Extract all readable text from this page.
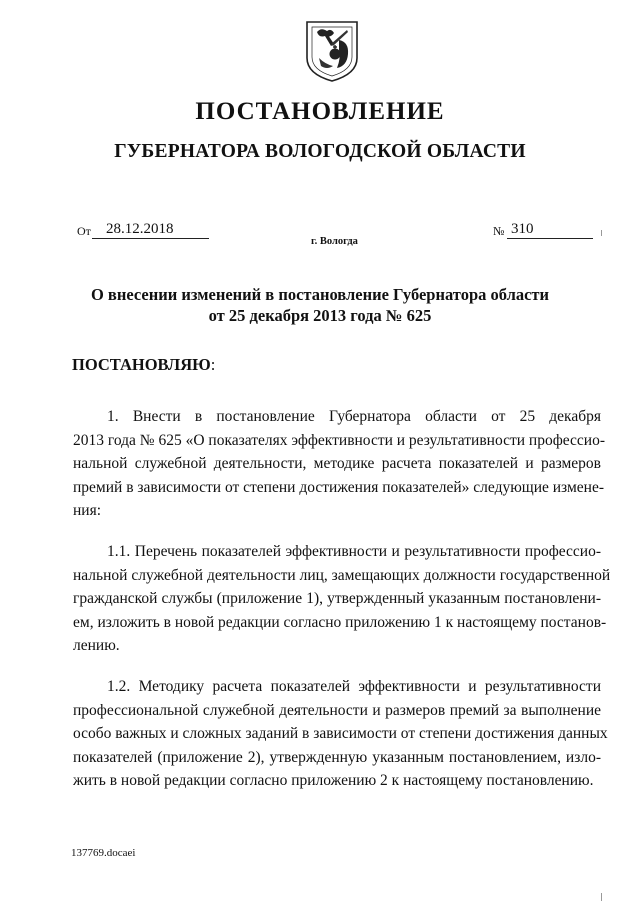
ПОСТАНОВЛЕНИЕ
ГУБЕРНАТОРА ВОЛОГОДСКОЙ ОБЛАСТИ
От	28.12.2018	№ 310
г. Вологда
О внесении изменений в постановление Губернатора области
от 25 декабря 2013 года № 625
ПОСТАНОВЛЯЮ:
1. Внести в постановление Губернатора области от 25 декабря
2013 года № 625 «О показателях эффективности и результативности профессио-
нальной служебной деятельности, методике расчета показателей и размеров
премий в зависимости от степени достижения показателей» следующие измене-
ния:
1.1. Перечень показателей эффективности и результативности профессио-
нальной служебной деятельности лиц, замещающих должности государственной
гражданской службы (приложение 1), утвержденный указанным постановлени-
ем, изложить в новой редакции согласно приложению 1 к настоящему постанов-
лению.
1.2. Методику расчета показателей эффективности и результативности
профессиональной служебной деятельности и размеров премий за выполнение
особо важных и сложных заданий в зависимости от степени достижения данных
показателей (приложение 2), утвержденную указанным постановлением, изло-
жить в новой редакции согласно приложению 2 к настоящему постановлению.
137769.docaei
